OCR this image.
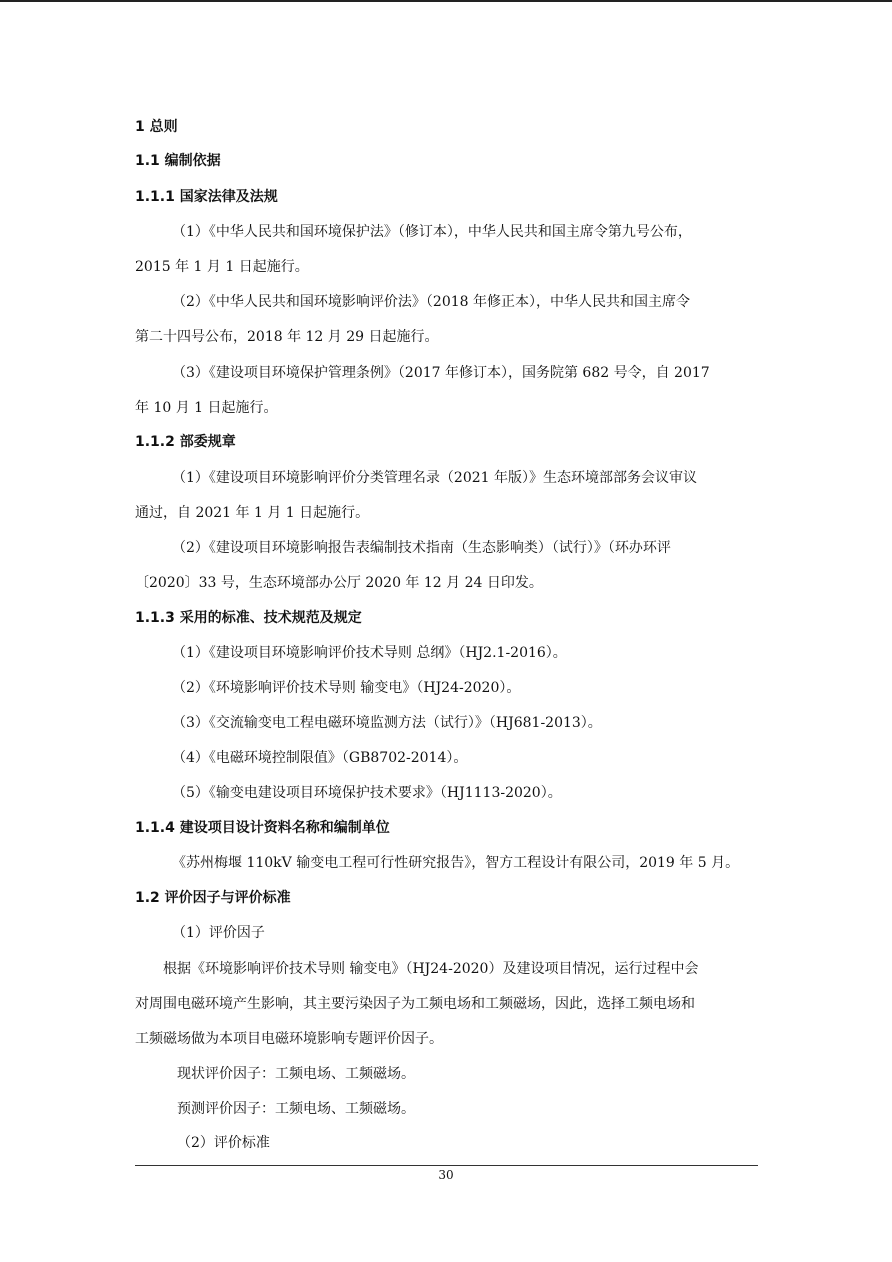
1 总则
1.1 编制依据
1.1.1 国家法律及法规
（1）《中华人民共和国环境保护法》（修订本），中华人民共和国主席令第九号公布，
2015 年 1 月 1 日起施行。
（2）《中华人民共和国环境影响评价法》（2018 年修正本），中华人民共和国主席令
第二十四号公布，2018 年 12 月 29 日起施行。
（3）《建设项目环境保护管理条例》（2017 年修订本），国务院第 682 号令，自 2017
年 10 月 1 日起施行。
1.1.2 部委规章
（1）《建设项目环境影响评价分类管理名录（2021 年版）》生态环境部部务会议审议
通过，自 2021 年 1 月 1 日起施行。
（2）《建设项目环境影响报告表编制技术指南（生态影响类）（试行）》（环办环评
〔2020〕33 号，生态环境部办公厅 2020 年 12 月 24 日印发。
1.1.3 采用的标准、技术规范及规定
（1）《建设项目环境影响评价技术导则 总纲》（HJ2.1-2016）。
（2）《环境影响评价技术导则 输变电》（HJ24-2020）。
（3）《交流输变电工程电磁环境监测方法（试行）》（HJ681-2013）。
（4）《电磁环境控制限值》（GB8702-2014）。
（5）《输变电建设项目环境保护技术要求》（HJ1113-2020）。
1.1.4 建设项目设计资料名称和编制单位
《苏州梅堰 110kV 输变电工程可行性研究报告》，智方工程设计有限公司，2019 年 5 月。
1.2 评价因子与评价标准
（1）评价因子
根据《环境影响评价技术导则 输变电》（HJ24-2020）及建设项目情况，运行过程中会
对周围电磁环境产生影响，其主要污染因子为工频电场和工频磁场，因此，选择工频电场和
工频磁场做为本项目电磁环境影响专题评价因子。
现状评价因子：工频电场、工频磁场。
预测评价因子：工频电场、工频磁场。
（2）评价标准
30
